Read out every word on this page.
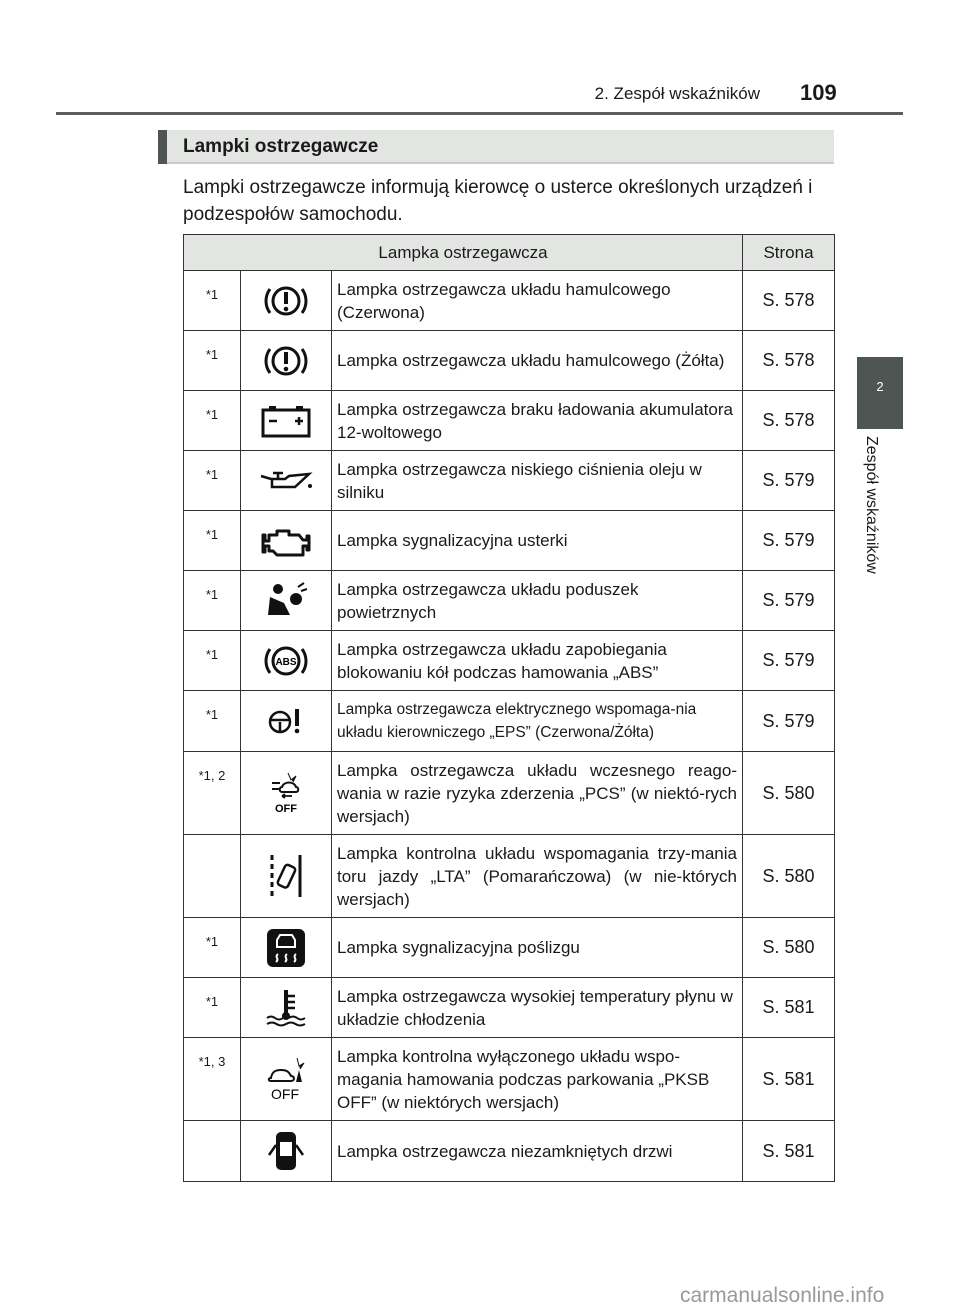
2. Zespół wskaźników 109
2
Zespół wskaźników
Lampki ostrzegawcze
Lampki ostrzegawcze informują kierowcę o usterce określonych urządzeń i podzespołów samochodu.
Lampka ostrzegawcza			Strona
*1		Lampka ostrzegawcza układu hamulcowego (Czerwona)	S. 578
*1		Lampka ostrzegawcza układu hamulcowego (Żółta)	S. 578
*1		Lampka ostrzegawcza braku ładowania akumulatora 12-woltowego	S. 578
*1		Lampka ostrzegawcza niskiego ciśnienia oleju w silniku	S. 579
*1		Lampka sygnalizacyjna usterki	S. 579
*1		Lampka ostrzegawcza układu poduszek powietrznych	S. 579
*1	ABS	Lampka ostrzegawcza układu zapobiegania blokowaniu kół podczas hamowania „ABS”	S. 579
*1		Lampka ostrzegawcza elektrycznego wspomaga-nia układu kierowniczego „EPS” (Czerwona/Żółta)	S. 579
*1, 2	OFF	Lampka ostrzegawcza układu wczesnego reago-wania w razie ryzyka zderzenia „PCS” (w niektó-rych wersjach)	S. 580
		Lampka kontrolna układu wspomagania trzy-mania toru jazdy „LTA” (Pomarańczowa) (w nie-których wersjach)	S. 580
*1		Lampka sygnalizacyjna poślizgu	S. 580
*1		Lampka ostrzegawcza wysokiej temperatury płynu w układzie chłodzenia	S. 581
*1, 3	OFF	Lampka kontrolna wyłączonego układu wspo-magania hamowania podczas parkowania „PKSB OFF” (w niektórych wersjach)	S. 581
		Lampka ostrzegawcza niezamkniętych drzwi	S. 581
carmanualsonline.info
